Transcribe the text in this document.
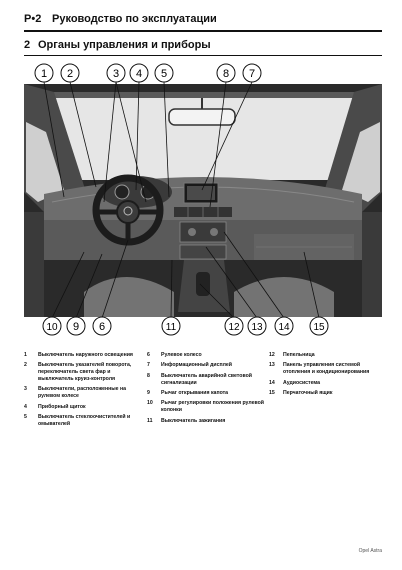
P•2 Руководство по эксплуатации
2 Органы управления и приборы
1 2	3 4 5	8 7
10 9 6	11	12 13 14 15
1 Выключатель наружного освещения
2 Выключатель указателей поворота, переключатель света фар и выключатель круиз-контроля
3 Выключатели, расположенные на рулевом колесе
4 Приборный щиток
5 Выключатель стеклоочистителей и омывателей
6 Рулевое колесо
7 Информационный дисплей
8 Выключатель аварийной световой сигнализации
9 Рычаг открывания капота
10 Рычаг регулировки положения рулевой колонки
11 Выключатель зажигания
12 Пепельница
13 Панель управления системой отопления и кондиционирования
14 Аудиосистема
15 Перчаточный ящик
Opel Astra
